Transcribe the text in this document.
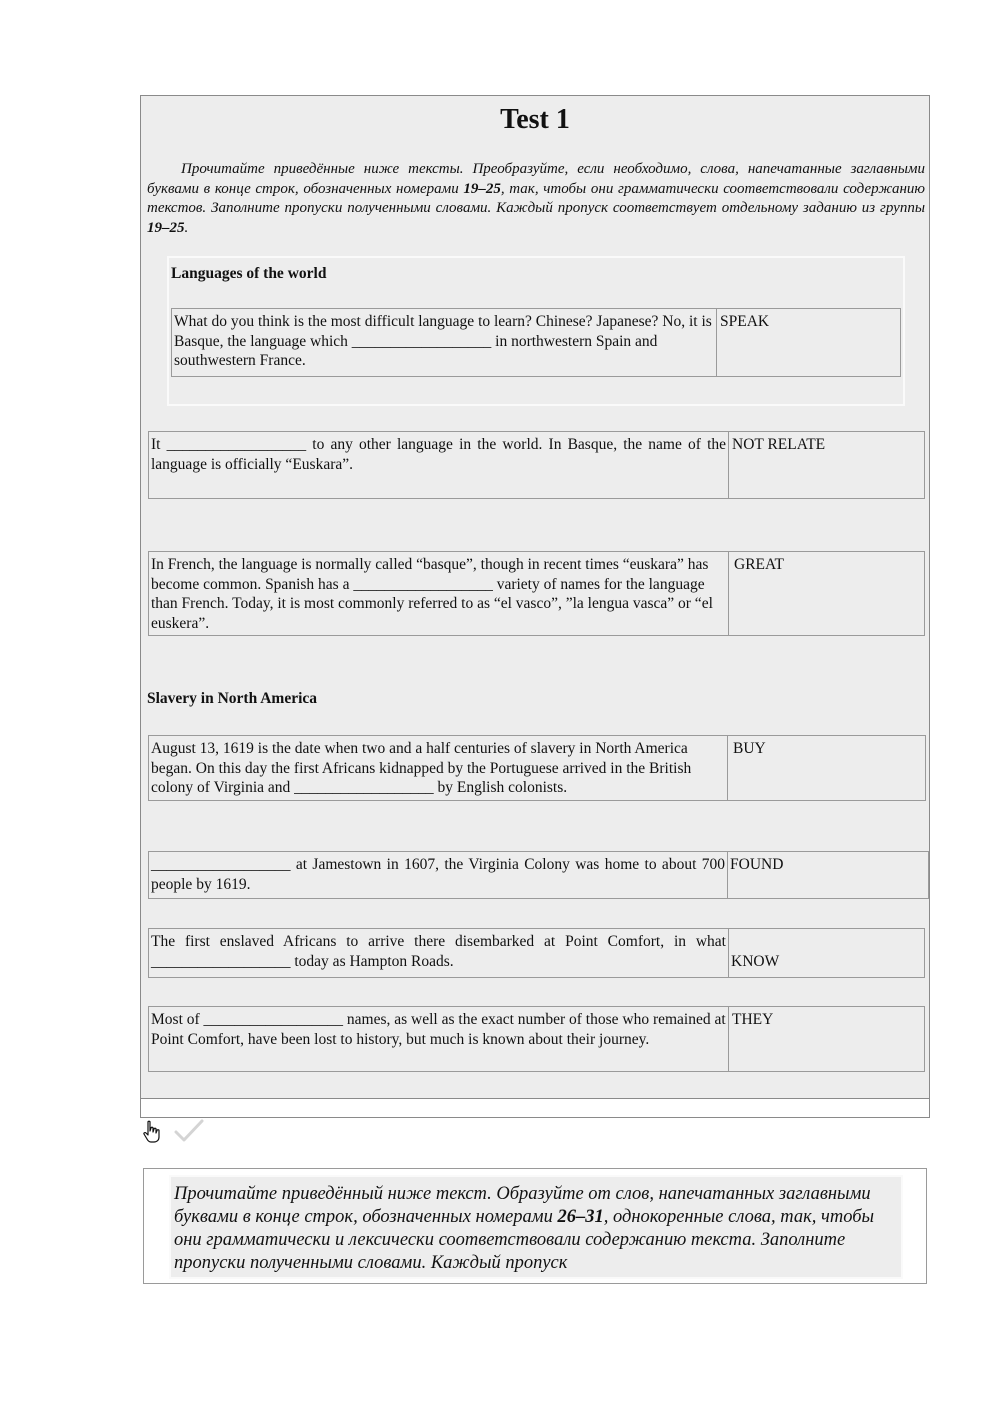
Test 1

Прочитайте приведённые ниже тексты. Преобразуйте, если необходимо, слова, напечатанные заглавными буквами в конце строк, обозначенных номерами 19–25, так, чтобы они грамматически соответствовали содержанию текстов. Заполните пропуски полученными словами. Каждый пропуск соответствует отдельному заданию из группы 19–25.

Languages of the world
What do you think is the most difficult language to learn? Chinese? Japanese? No, it is Basque, the language which __________________ in northwestern Spain and southwestern France.
SPEAK
It __________________ to any other language in the world. In Basque, the name of the language is officially “Euskara”.
NOT RELATE
In French, the language is normally called “basque”, though in recent times “euskara” has become common. Spanish has a __________________ variety of names for the language than French. Today, it is most commonly referred to as “el vasco”, ”la lengua vasca” or “el euskera”.
GREAT
Slavery in North America
August 13, 1619 is the date when two and a half centuries of slavery in North America began. On this day the first Africans kidnapped by the Portuguese arrived in the British colony of Virginia and __________________ by English colonists.
BUY
__________________ at Jamestown in 1607, the Virginia Colony was home to about 700 people by 1619.
FOUND
The first enslaved Africans to arrive there disembarked at Point Comfort, in what __________________ today as Hampton Roads.	KNOW
Most of __________________ names, as well as the exact number of those who remained at Point Comfort, have been lost to history, but much is known about their journey.
THEY
Прочитайте приведённый ниже текст. Образуйте от слов, напечатанных заглавными буквами в конце строк, обозначенных номерами 26–31, однокоренные слова, так, чтобы они грамматически и лексически соответствовали содержанию текста. Заполните пропуски полученными словами. Каждый пропуск
